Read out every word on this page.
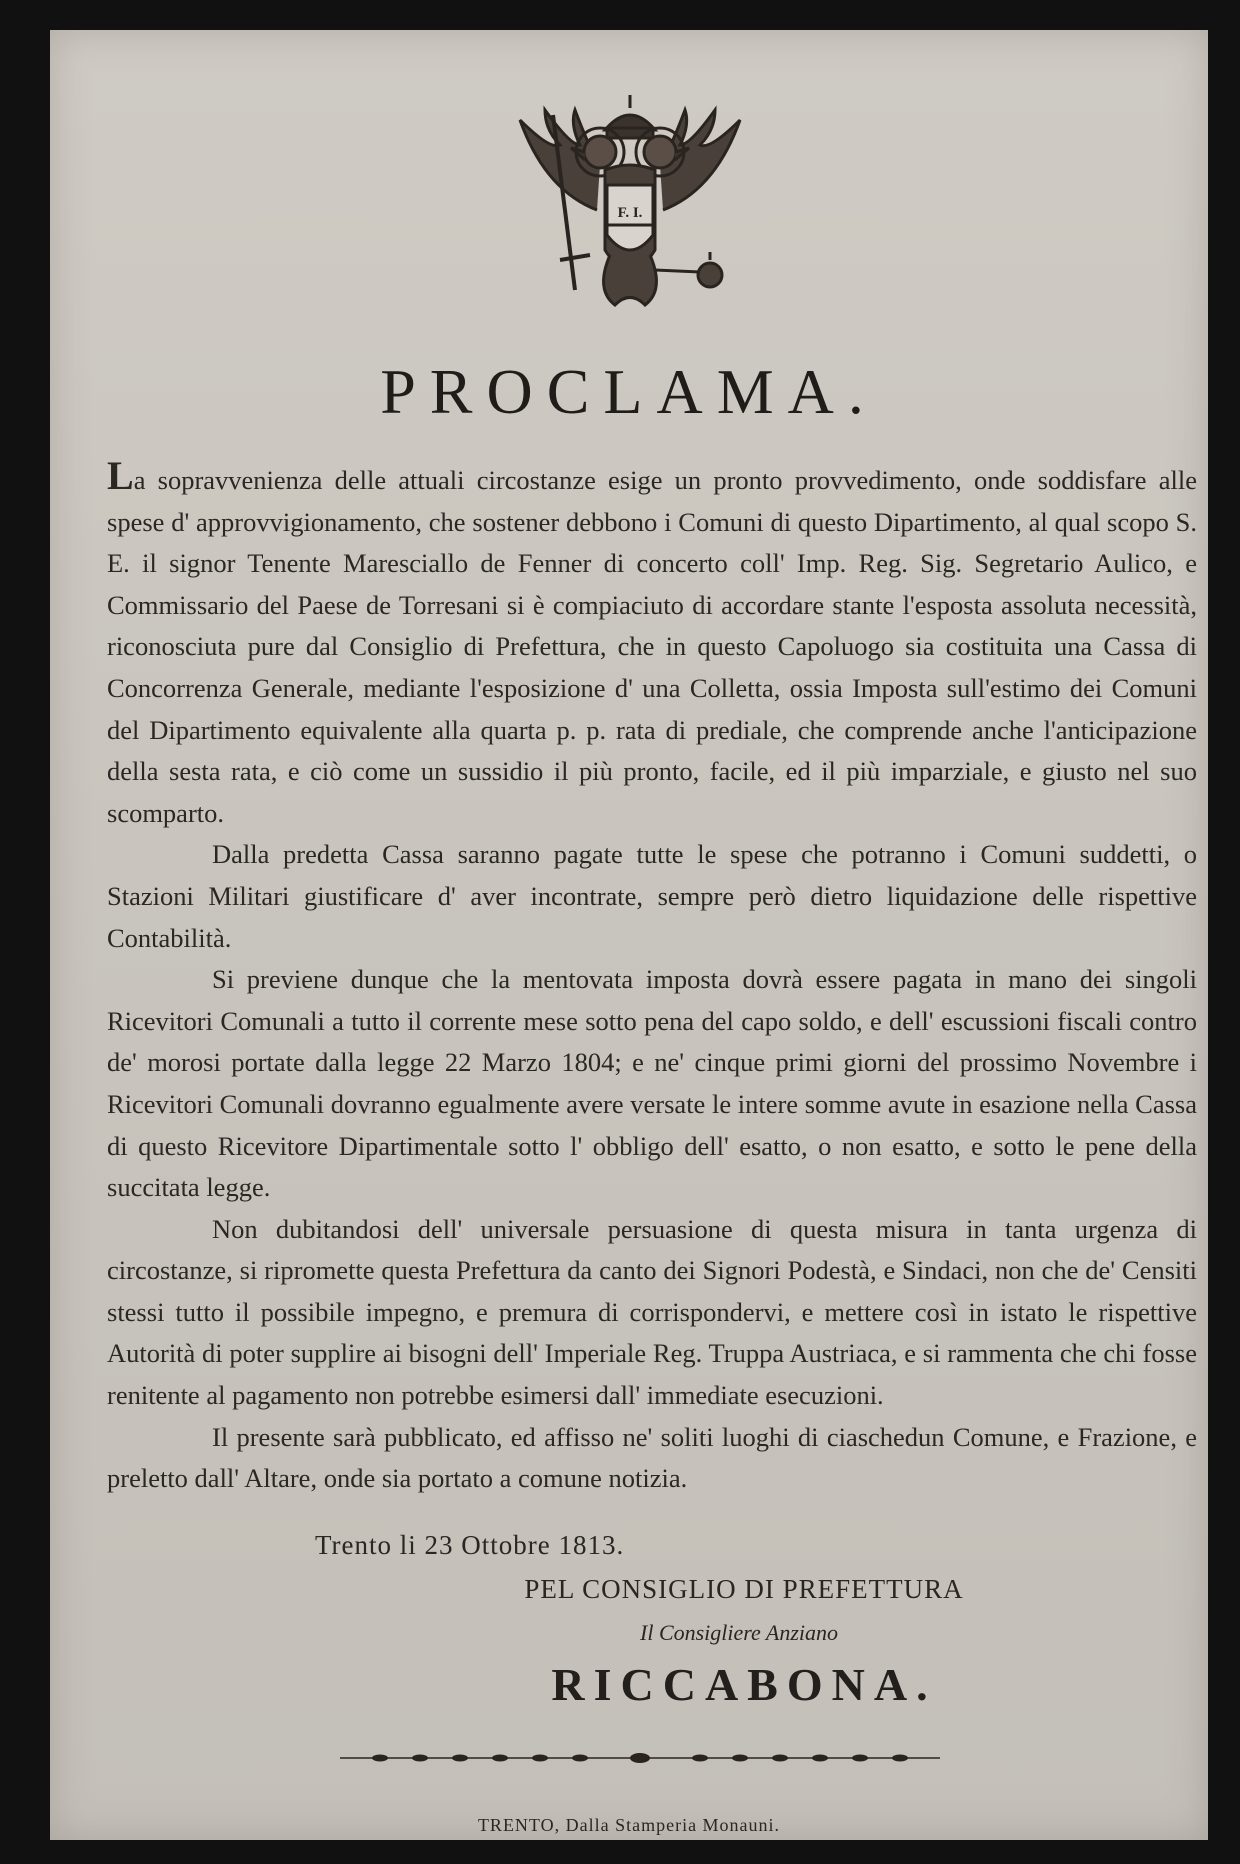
F. I.
PROCLAMA.

La sopravvenienza delle attuali circostanze esige un pronto provvedimento, onde soddisfare alle spese d' approvvigionamento, che sostener debbono i Comuni di questo Dipartimento, al qual scopo S. E. il signor Tenente Maresciallo de Fenner di concerto coll' Imp. Reg. Sig. Segretario Aulico, e Commissario del Paese de Torresani si è compiaciuto di accordare stante l'esposta assoluta necessità, riconosciuta pure dal Consiglio di Prefettura, che in questo Capoluogo sia costituita una Cassa di Concorrenza Generale, mediante l'esposizione d' una Colletta, ossia Imposta sull'estimo dei Comuni del Dipartimento equivalente alla quarta p. p. rata di prediale, che comprende anche l'anticipazione della sesta rata, e ciò come un sussidio il più pronto, facile, ed il più imparziale, e giusto nel suo scomparto.

Dalla predetta Cassa saranno pagate tutte le spese che potranno i Comuni suddetti, o Stazioni Militari giustificare d' aver incontrate, sempre però dietro liquidazione delle rispettive Contabilità.

Si previene dunque che la mentovata imposta dovrà essere pagata in mano dei singoli Ricevitori Comunali a tutto il corrente mese sotto pena del capo soldo, e dell' escussioni fiscali contro de' morosi portate dalla legge 22 Marzo 1804; e ne' cinque primi giorni del prossimo Novembre i Ricevitori Comunali dovranno egualmente avere versate le intere somme avute in esazione nella Cassa di questo Ricevitore Dipartimentale sotto l' obbligo dell' esatto, o non esatto, e sotto le pene della succitata legge.

Non dubitandosi dell' universale persuasione di questa misura in tanta urgenza di circostanze, si ripromette questa Prefettura da canto dei Signori Podestà, e Sindaci, non che de' Censiti stessi tutto il possibile impegno, e premura di corrispondervi, e mettere così in istato le rispettive Autorità di poter supplire ai bisogni dell' Imperiale Reg. Truppa Austriaca, e si rammenta che chi fosse renitente al pagamento non potrebbe esimersi dall' immediate esecuzioni.

Il presente sarà pubblicato, ed affisso ne' soliti luoghi di ciaschedun Comune, e Frazione, e preletto dall' Altare, onde sia portato a comune notizia.

Trento li 23 Ottobre 1813.
PEL CONSIGLIO DI PREFETTURA
Il Consigliere Anziano
RICCABONA.
TRENTO, Dalla Stamperia Monauni.
